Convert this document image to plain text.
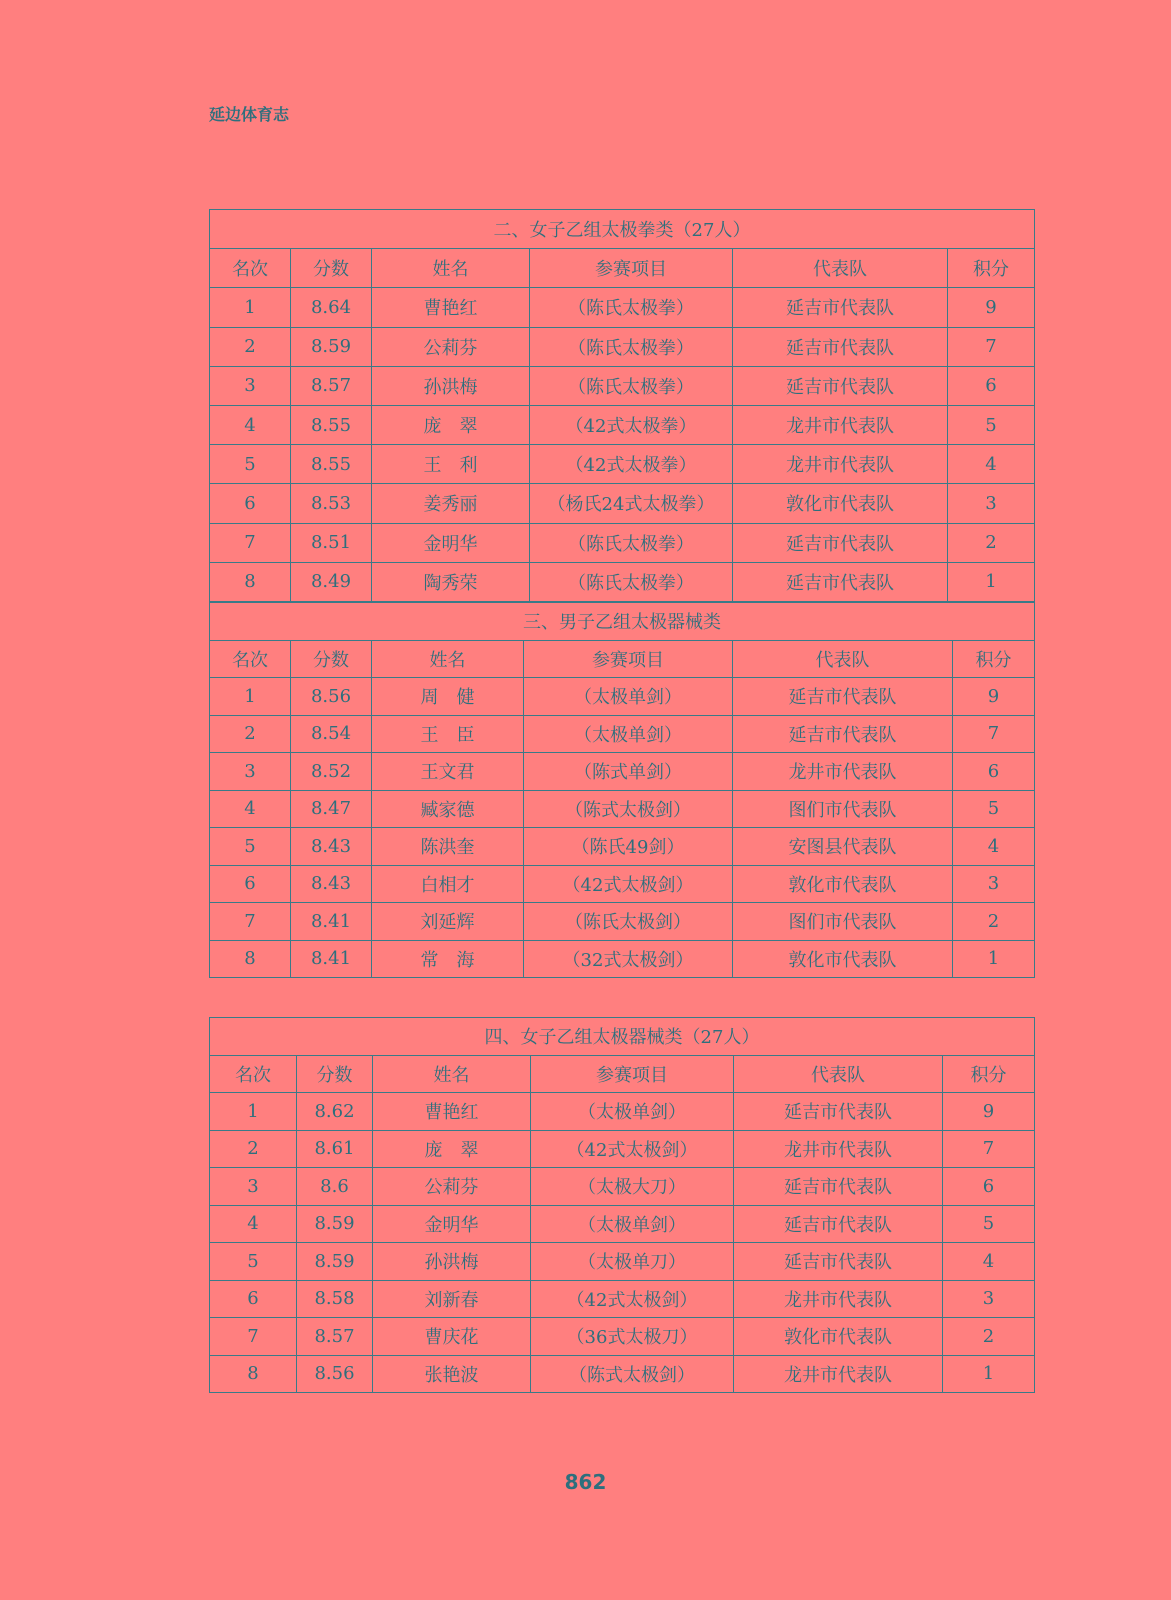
延边体育志
二、女子乙组太极拳类（27人）					
名次	分数	姓名	参赛项目	代表队	积分
1	8.64	曹艳红	（陈氏太极拳）	延吉市代表队	9
2	8.59	公莉芬	（陈氏太极拳）	延吉市代表队	7
3	8.57	孙洪梅	（陈氏太极拳）	延吉市代表队	6
4	8.55	庞　翠	（42式太极拳）	龙井市代表队	5
5	8.55	王　利	（42式太极拳）	龙井市代表队	4
6	8.53	姜秀丽	（杨氏24式太极拳）	敦化市代表队	3
7	8.51	金明华	（陈氏太极拳）	延吉市代表队	2
8	8.49	陶秀荣	（陈氏太极拳）	延吉市代表队	1
三、男子乙组太极器械类					
名次	分数	姓名	参赛项目	代表队	积分
1	8.56	周　健	（太极单剑）	延吉市代表队	9
2	8.54	王　臣	（太极单剑）	延吉市代表队	7
3	8.52	王文君	（陈式单剑）	龙井市代表队	6
4	8.47	臧家德	（陈式太极剑）	图们市代表队	5
5	8.43	陈洪奎	（陈氏49剑）	安图县代表队	4
6	8.43	白相才	（42式太极剑）	敦化市代表队	3
7	8.41	刘延辉	（陈氏太极剑）	图们市代表队	2
8	8.41	常　海	（32式太极剑）	敦化市代表队	1
四、女子乙组太极器械类（27人）					
名次	分数	姓名	参赛项目	代表队	积分
1	8.62	曹艳红	（太极单剑）	延吉市代表队	9
2	8.61	庞　翠	（42式太极剑）	龙井市代表队	7
3	8.6	公莉芬	（太极大刀）	延吉市代表队	6
4	8.59	金明华	（太极单剑）	延吉市代表队	5
5	8.59	孙洪梅	（太极单刀）	延吉市代表队	4
6	8.58	刘新春	（42式太极剑）	龙井市代表队	3
7	8.57	曹庆花	（36式太极刀）	敦化市代表队	2
8	8.56	张艳波	（陈式太极剑）	龙井市代表队	1
862
